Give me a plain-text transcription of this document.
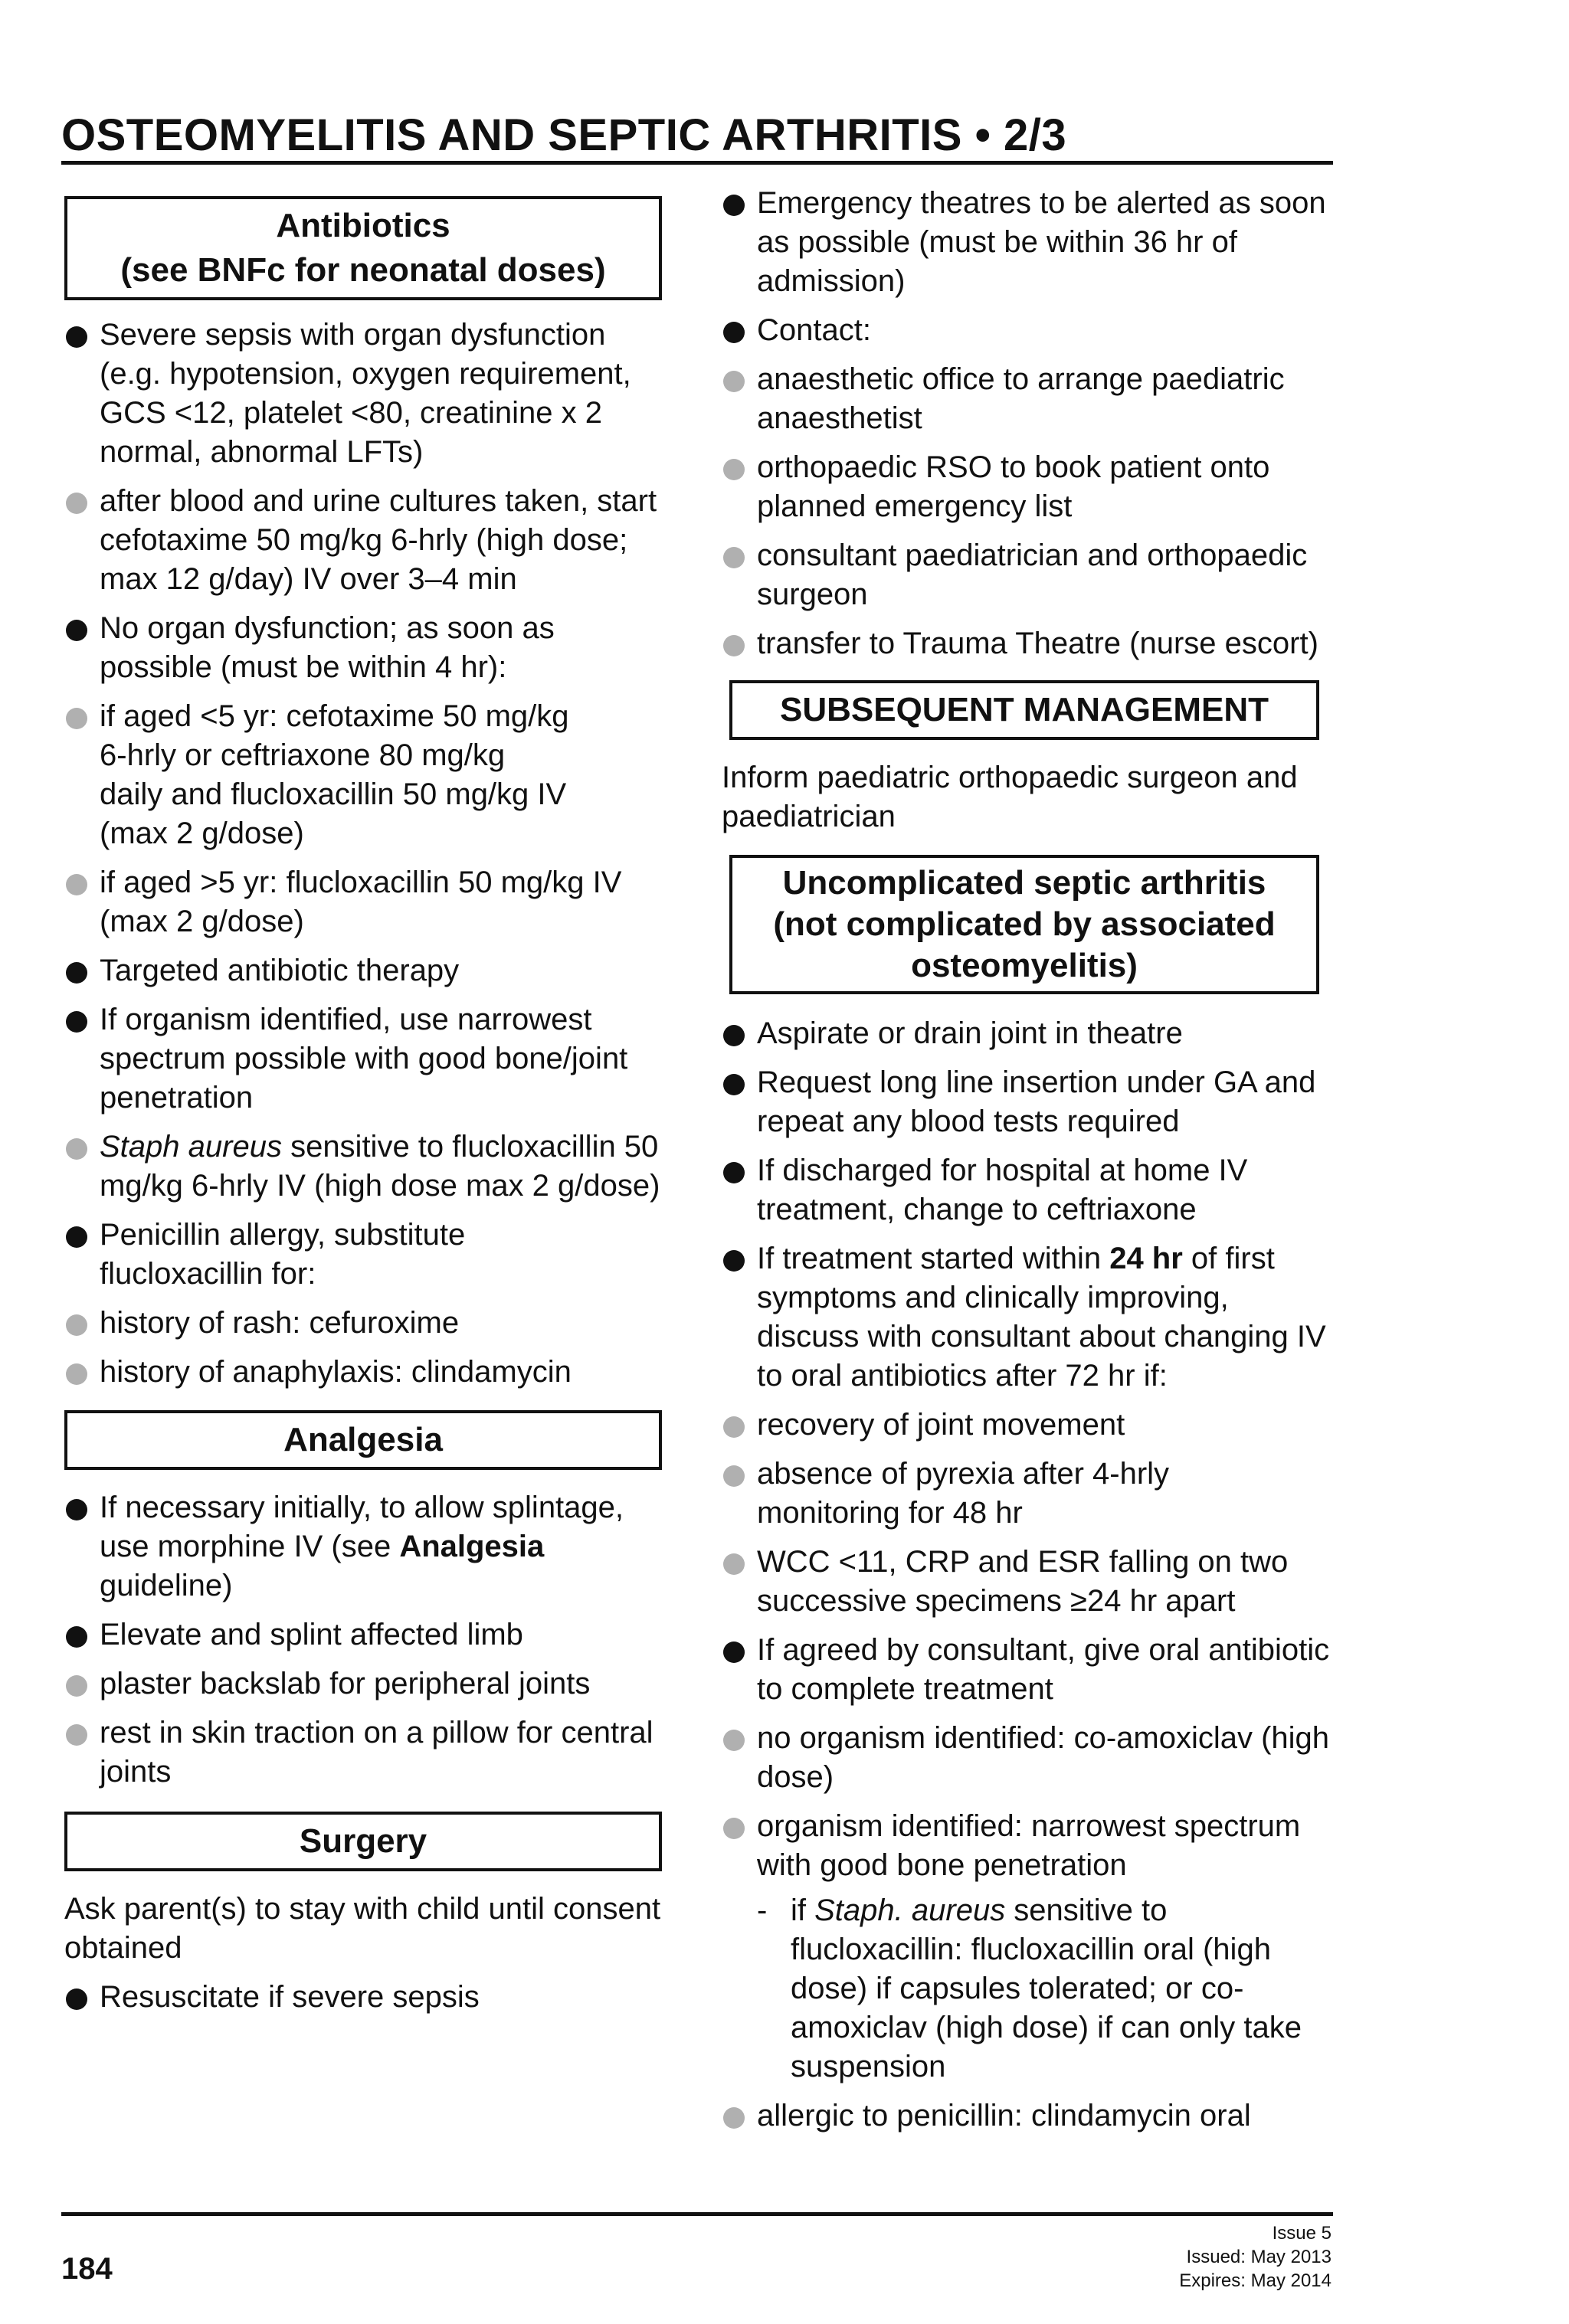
OSTEOMYELITIS AND SEPTIC ARTHRITIS • 2/3
Antibiotics
(see BNFc for neonatal doses)
Severe sepsis with organ dysfunction (e.g. hypotension, oxygen requirement, GCS <12, platelet <80, creatinine x 2 normal, abnormal LFTs)
after blood and urine cultures taken, start cefotaxime 50 mg/kg 6-hrly (high dose; max 12 g/day) IV over 3–4 min
No organ dysfunction; as soon as possible (must be within 4 hr):
if aged <5 yr: cefotaxime 50 mg/kg 6-hrly or ceftriaxone 80 mg/kg daily and flucloxacillin 50 mg/kg IV (max 2 g/dose)
if aged >5 yr: flucloxacillin 50 mg/kg IV (max 2 g/dose)
Targeted antibiotic therapy
If organism identified, use narrowest spectrum possible with good bone/joint penetration
Staph aureus sensitive to flucloxacillin 50 mg/kg 6-hrly IV (high dose max 2 g/dose)
Penicillin allergy, substitute flucloxacillin for:
history of rash: cefuroxime
history of anaphylaxis: clindamycin
Analgesia
If necessary initially, to allow splintage, use morphine IV (see Analgesia guideline)
Elevate and splint affected limb
plaster backslab for peripheral joints
rest in skin traction on a pillow for central joints
Surgery
Ask parent(s) to stay with child until consent obtained
Resuscitate if severe sepsis
Emergency theatres to be alerted as soon as possible (must be within 36 hr of admission)
Contact:
anaesthetic office to arrange paediatric anaesthetist
orthopaedic RSO to book patient onto planned emergency list
consultant paediatrician and orthopaedic surgeon
transfer to Trauma Theatre (nurse escort)
SUBSEQUENT MANAGEMENT
Inform paediatric orthopaedic surgeon and paediatrician
Uncomplicated septic arthritis
(not complicated by associated
osteomyelitis)
Aspirate or drain joint in theatre
Request long line insertion under GA and repeat any blood tests required
If discharged for hospital at home IV treatment, change to ceftriaxone
If treatment started within 24 hr of first symptoms and clinically improving, discuss with consultant about changing IV to oral antibiotics after 72 hr if:
recovery of joint movement
absence of pyrexia after 4-hrly monitoring for 48 hr
WCC <11, CRP and ESR falling on two successive specimens ≥24 hr apart
If agreed by consultant, give oral antibiotic to complete treatment
no organism identified: co-amoxiclav (high dose)
organism identified: narrowest spectrum with good bone penetration
- if Staph. aureus sensitive to flucloxacillin: flucloxacillin oral (high dose) if capsules tolerated; or co-amoxiclav (high dose) if can only take suspension
allergic to penicillin: clindamycin oral
184
Issue 5
Issued: May 2013
Expires: May 2014
